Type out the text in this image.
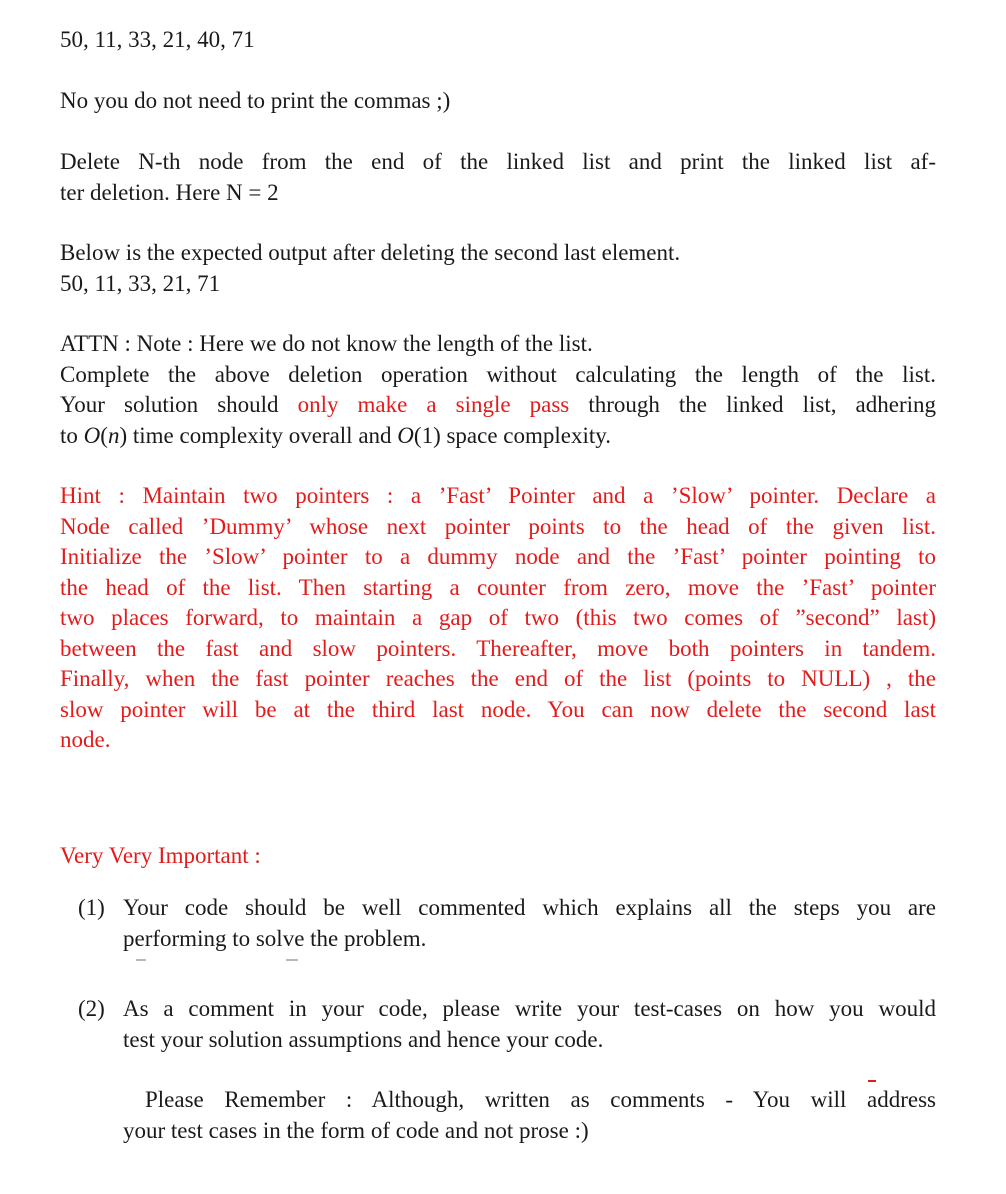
50, 11, 33, 21, 40, 71

No you do not need to print the commas ;)

Delete N-th node from the end of the linked list and print the linked list af-
ter deletion. Here N = 2
Below is the expected output after deleting the second last element.
50, 11, 33, 21, 71
ATTN : Note : Here we do not know the length of the list.
Complete the above deletion operation without calculating the length of the list.
Your solution should only make a single pass through the linked list, adhering
to O(n) time complexity overall and O(1) space complexity.
Hint : Maintain two pointers : a ’Fast’ Pointer and a ’Slow’ pointer. Declare a
Node called ’Dummy’ whose next pointer points to the head of the given list.
Initialize the ’Slow’ pointer to a dummy node and the ’Fast’ pointer pointing to
the head of the list. Then starting a counter from zero, move the ’Fast’ pointer
two places forward, to maintain a gap of two (this two comes of ”second” last)
between the fast and slow pointers. Thereafter, move both pointers in tandem.
Finally, when the fast pointer reaches the end of the list (points to NULL) , the
slow pointer will be at the third last node. You can now delete the second last
node.

Very Very Important :

(1) Your code should be well commented which explains all the steps you are
performing to solve the problem.
(2) As a comment in your code, please write your test-cases on how you would
test your solution assumptions and hence your code.
Please Remember : Although, written as comments - You will address
your test cases in the form of code and not prose :)
